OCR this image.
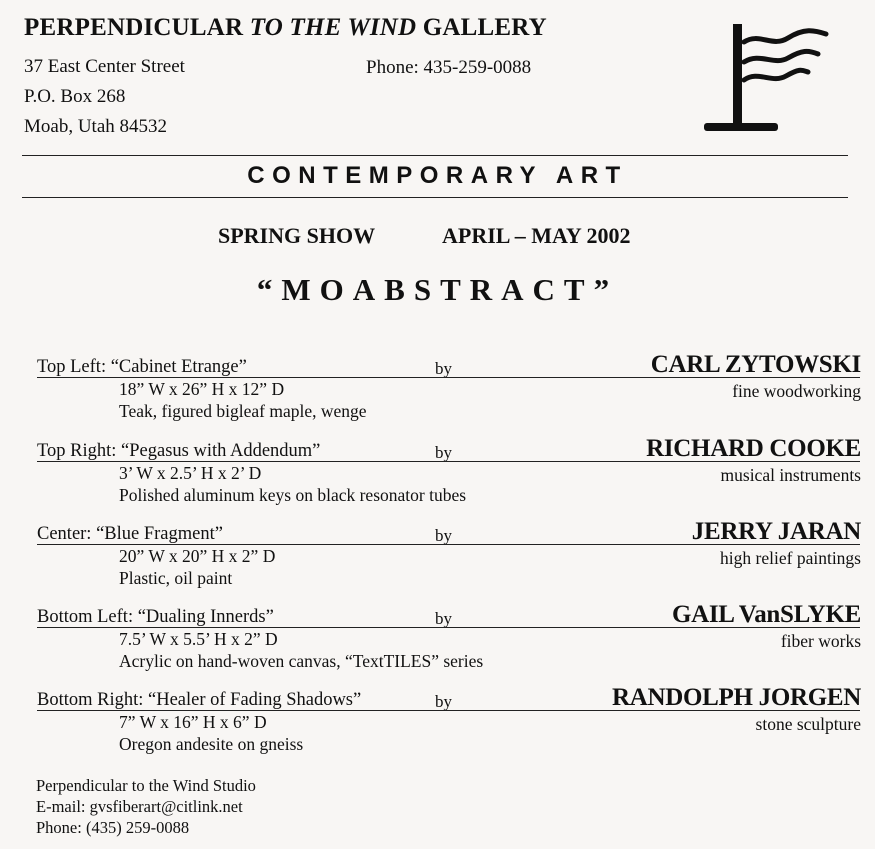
PERPENDICULAR TO THE WIND GALLERY
37 East Center Street
P.O. Box 268
Moab, Utah 84532
Phone: 435-259-0088
CONTEMPORARY ART
SPRING SHOW	APRIL – MAY 2002
“MOABSTRACT”
Top Left: “Cabinet Etrange”	by	CARL ZYTOWSKI
18” W x 26” H x 12” D
Teak, figured bigleaf maple, wenge
fine woodworking
Top Right: “Pegasus with Addendum”	by	RICHARD COOKE
3’ W x 2.5’ H x 2’ D
Polished aluminum keys on black resonator tubes
musical instruments
Center: “Blue Fragment”	by	JERRY JARAN
20” W x 20” H x 2” D
Plastic, oil paint
high relief paintings
Bottom Left: “Dualing Innerds”	by	GAIL VanSLYKE
7.5’ W x 5.5’ H x 2” D
Acrylic on hand-woven canvas, “TextTILES” series
fiber works
Bottom Right: “Healer of Fading Shadows”	by	RANDOLPH JORGEN
7” W x 16” H x 6” D
Oregon andesite on gneiss
stone sculpture
Perpendicular to the Wind Studio
E-mail: gvsfiberart@citlink.net
Phone: (435) 259-0088
